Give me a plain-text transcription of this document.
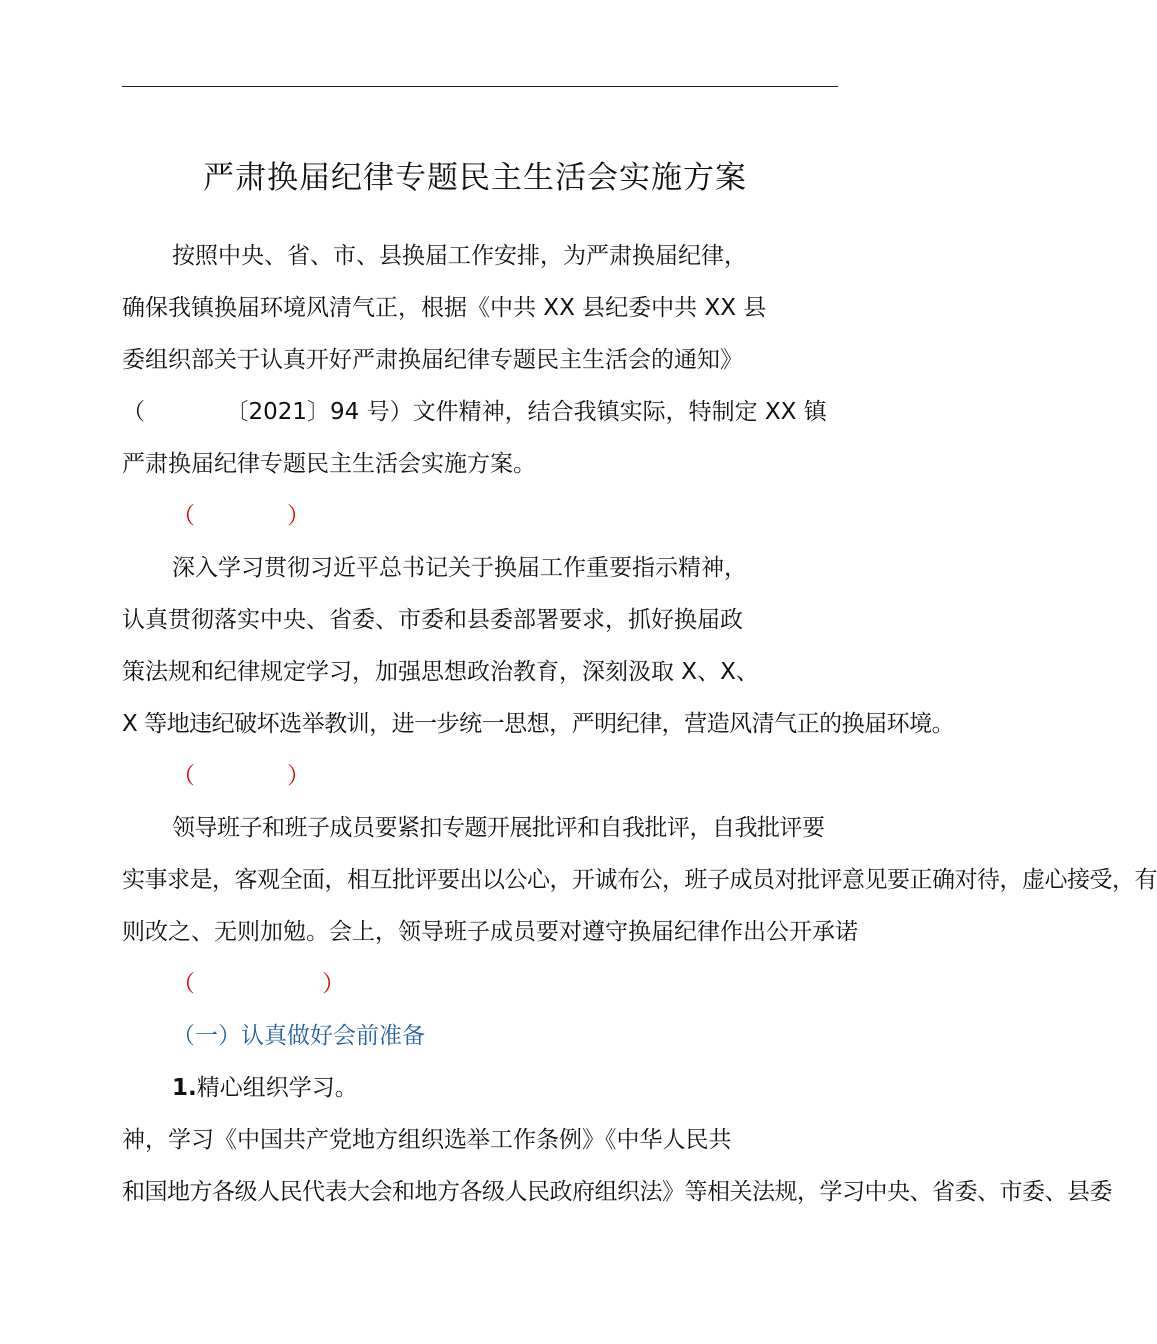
严肃换届纪律专题民主生活会实施方案
按照中央、省、市、县换届工作安排，为严肃换届纪律，
确保我镇换届环境风清气正，根据《中共 XX 县纪委中共 XX 县
委组织部关于认真开好严肃换届纪律专题民主生活会的通知》
（　　　　〔2021〕94 号）文件精神，结合我镇实际，特制定 XX 镇
严肃换届纪律专题民主生活会实施方案。
（　　　　）
深入学习贯彻习近平总书记关于换届工作重要指示精神，
认真贯彻落实中央、省委、市委和县委部署要求，抓好换届政
策法规和纪律规定学习，加强思想政治教育，深刻汲取 X、X、
X 等地违纪破坏选举教训，进一步统一思想，严明纪律，营造风清气正的换届环境。
（　　　　）
领导班子和班子成员要紧扣专题开展批评和自我批评，自我批评要
实事求是，客观全面，相互批评要出以公心，开诚布公，班子成员对批评意见要正确对待，虚心接受，有
则改之、无则加勉。会上，领导班子成员要对遵守换届纪律作出公开承诺
（　　　　）
（一）认真做好会前准备
1.精心组织学习。　　　　　　　　　　　　　　　　　　
神，学习《中国共产党地方组织选举工作条例》《中华人民共
和国地方各级人民代表大会和地方各级人民政府组织法》等相关法规，学习中央、省委、市委、县委
